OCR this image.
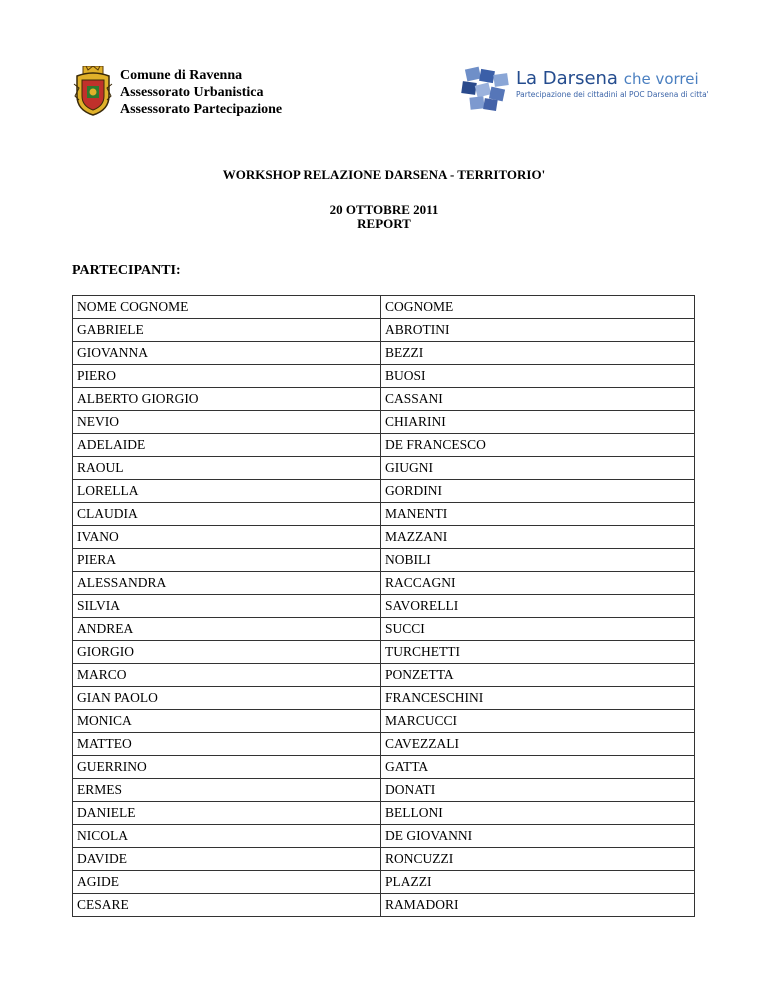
Comune di Ravenna
Assessorato Urbanistica
Assessorato Partecipazione
La Darsena che vorrei
Partecipazione dei cittadini al POC Darsena di citta'
WORKSHOP RELAZIONE DARSENA - TERRITORIO'
20 OTTOBRE 2011
REPORT
PARTECIPANTI:
NOME COGNOME	COGNOME
GABRIELE	ABROTINI
GIOVANNA	BEZZI
PIERO	BUOSI
ALBERTO GIORGIO	CASSANI
NEVIO	CHIARINI
ADELAIDE	DE FRANCESCO
RAOUL	GIUGNI
LORELLA	GORDINI
CLAUDIA	MANENTI
IVANO	MAZZANI
PIERA	NOBILI
ALESSANDRA	RACCAGNI
SILVIA	SAVORELLI
ANDREA	SUCCI
GIORGIO	TURCHETTI
MARCO	PONZETTA
GIAN PAOLO	FRANCESCHINI
MONICA	MARCUCCI
MATTEO	CAVEZZALI
GUERRINO	GATTA
ERMES	DONATI
DANIELE	BELLONI
NICOLA	DE GIOVANNI
DAVIDE	RONCUZZI
AGIDE	PLAZZI
CESARE	RAMADORI
